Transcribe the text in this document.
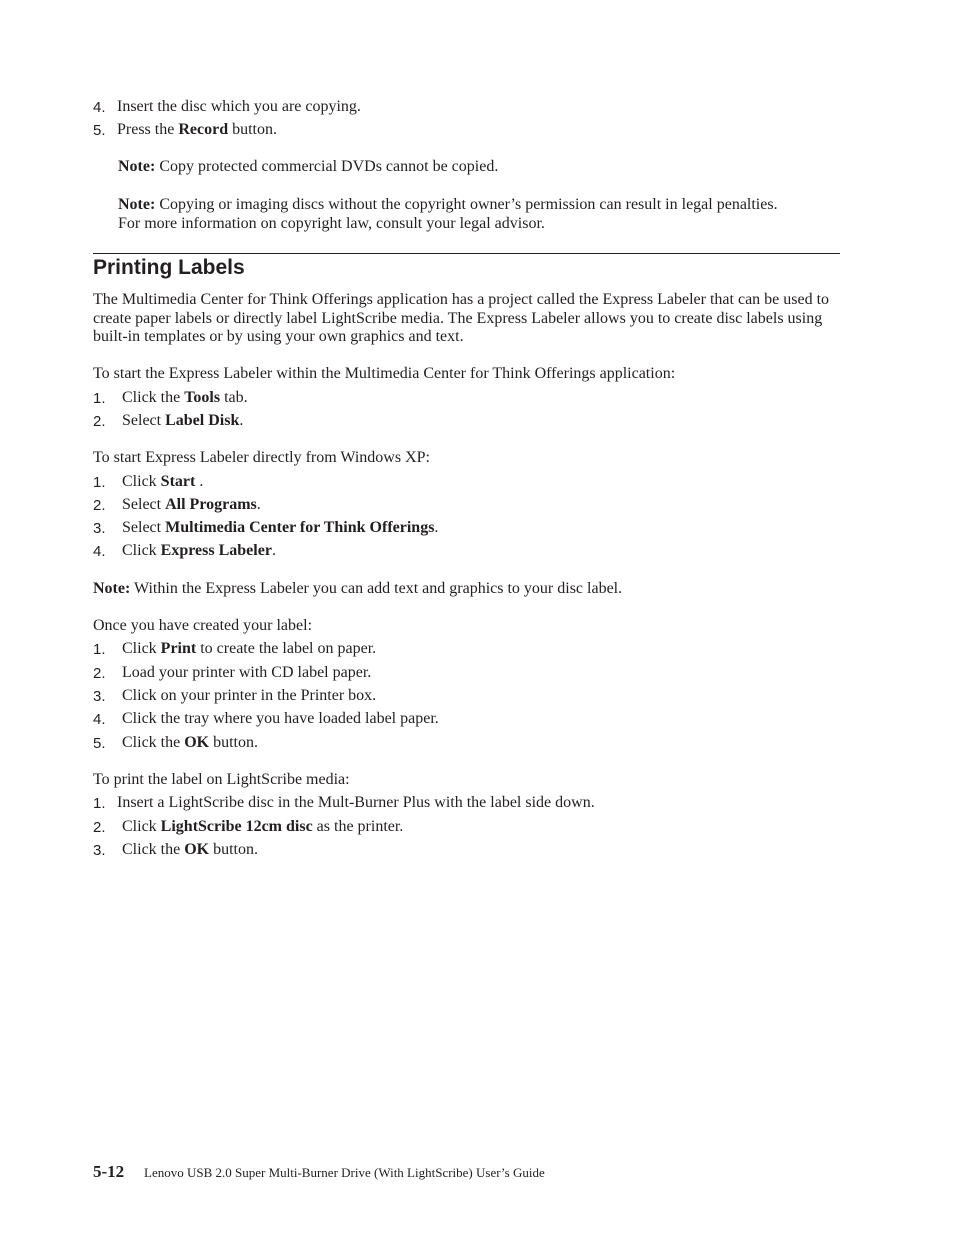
4. Insert the disc which you are copying.
5. Press the Record button.
Note: Copy protected commercial DVDs cannot be copied.
Note: Copying or imaging discs without the copyright owner’s permission can result in legal penalties. For more information on copyright law, consult your legal advisor.
Printing Labels
The Multimedia Center for Think Offerings application has a project called the Express Labeler that can be used to create paper labels or directly label LightScribe media. The Express Labeler allows you to create disc labels using built-in templates or by using your own graphics and text.
To start the Express Labeler within the Multimedia Center for Think Offerings application:
1. Click the Tools tab.
2. Select Label Disk.
To start Express Labeler directly from Windows XP:
1. Click Start .
2. Select All Programs.
3. Select Multimedia Center for Think Offerings.
4. Click Express Labeler.
Note: Within the Express Labeler you can add text and graphics to your disc label.
Once you have created your label:
1. Click Print to create the label on paper.
2. Load your printer with CD label paper.
3. Click on your printer in the Printer box.
4. Click the tray where you have loaded label paper.
5. Click the OK button.
To print the label on LightScribe media:
1. Insert a LightScribe disc in the Mult-Burner Plus with the label side down.
2. Click LightScribe 12cm disc as the printer.
3. Click the OK button.
5-12 Lenovo USB 2.0 Super Multi-Burner Drive (With LightScribe) User’s Guide
